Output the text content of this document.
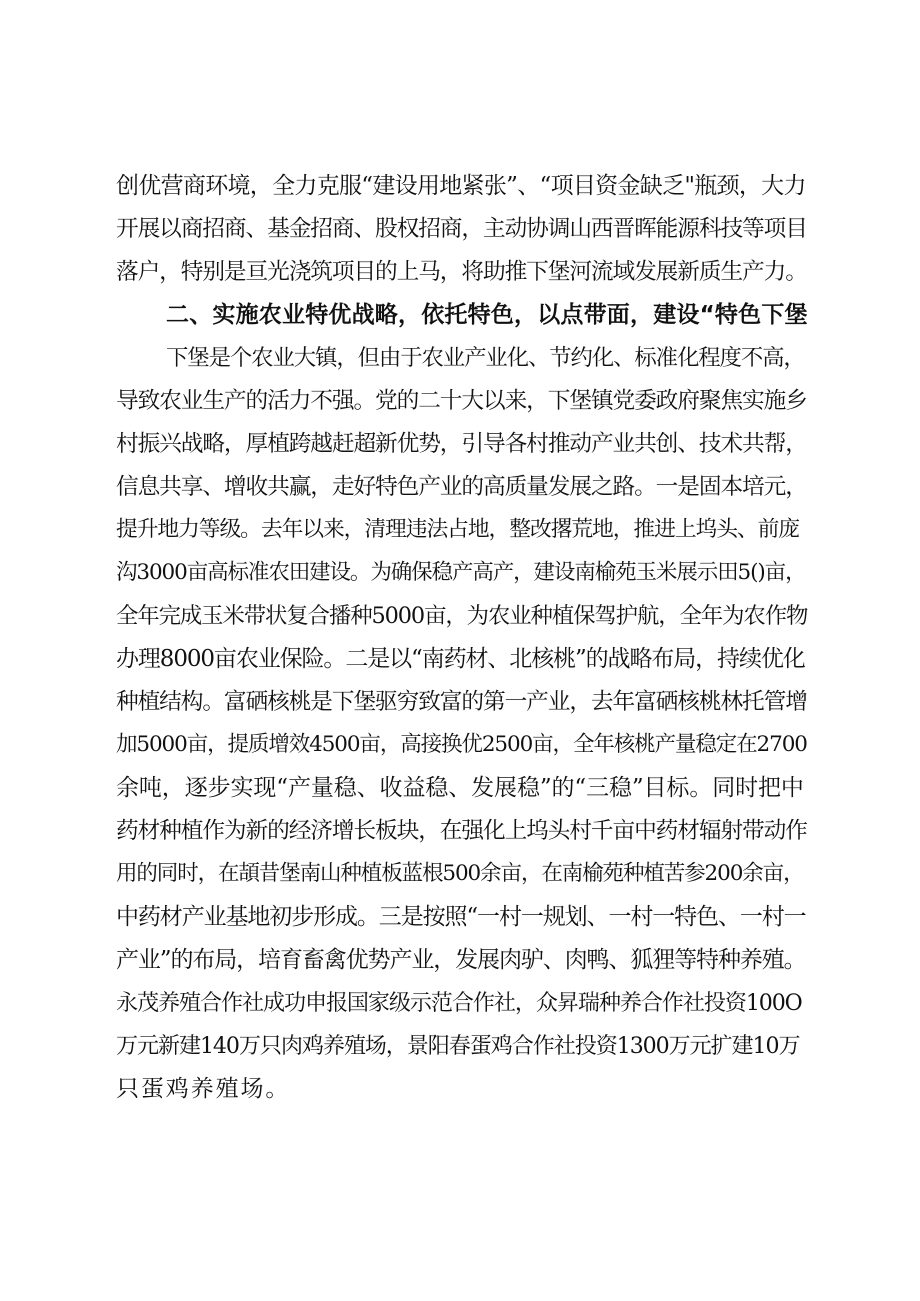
创优营商环境，全力克服“建设用地紧张”、“项目资金缺乏"瓶颈，大力
开展以商招商、基金招商、股权招商，主动协调山西晋晖能源科技等项目
落户，特别是亘光浇筑项目的上马，将助推下堡河流域发展新质生产力。
二、实施农业特优战略，依托特色，以点带面，建设“特色下堡
下堡是个农业大镇，但由于农业产业化、节约化、标准化程度不高，
导致农业生产的活力不强。党的二十大以来，下堡镇党委政府聚焦实施乡
村振兴战略，厚植跨越赶超新优势，引导各村推动产业共创、技术共帮，
信息共享、增收共赢，走好特色产业的高质量发展之路。一是固本培元，
提升地力等级。去年以来，清理违法占地，整改撂荒地，推进上坞头、前庞
沟3000亩高标准农田建设。为确保稳产高产，建设南榆苑玉米展示田5()亩，
全年完成玉米带状复合播种5000亩，为农业种植保驾护航，全年为农作物
办理8000亩农业保险。二是以“南药材、北核桃”的战略布局，持续优化
种植结构。富硒核桃是下堡驱穷致富的第一产业，去年富硒核桃林托管增
加5000亩，提质增效4500亩，高接换优2500亩，全年核桃产量稳定在2700
余吨，逐步实现“产量稳、收益稳、发展稳”的“三稳”目标。同时把中
药材种植作为新的经济增长板块，在强化上坞头村千亩中药材辐射带动作
用的同时，在頡昔堡南山种植板蓝根500余亩，在南榆苑种植苦参200余亩，
中药材产业基地初步形成。三是按照“一村一规划、一村一特色、一村一
产业”的布局，培育畜禽优势产业，发展肉驴、肉鸭、狐狸等特种养殖。
永茂养殖合作社成功申报国家级示范合作社，众昇瑞种养合作社投资100O
万元新建140万只肉鸡养殖场，景阳春蛋鸡合作社投资1300万元扩建10万
只蛋鸡养殖场。
